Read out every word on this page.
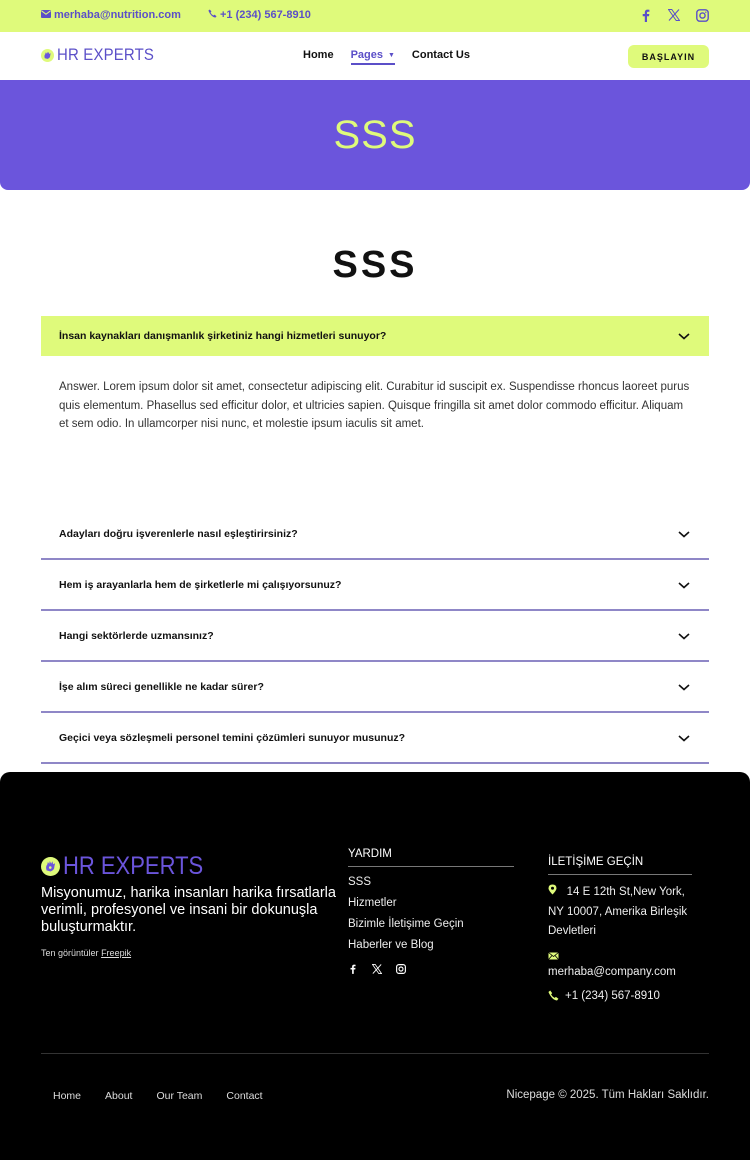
merhaba@nutrition.com	+1 (234) 567-8910
HR EXPERTS	Home Pages ▼ Contact Us	BAŞLAYIN
SSS
SSS
İnsan kaynakları danışmanlık şirketiniz hangi hizmetleri sunuyor?
Answer. Lorem ipsum dolor sit amet, consectetur adipiscing elit. Curabitur id suscipit ex. Suspendisse rhoncus laoreet purus quis elementum. Phasellus sed efficitur dolor, et ultricies sapien. Quisque fringilla sit amet dolor commodo efficitur. Aliquam et sem odio. In ullamcorper nisi nunc, et molestie ipsum iaculis sit amet.
Adayları doğru işverenlerle nasıl eşleştirirsiniz?
Hem iş arayanlarla hem de şirketlerle mi çalışıyorsunuz?
Hangi sektörlerde uzmansınız?
İşe alım süreci genellikle ne kadar sürer?
Geçici veya sözleşmeli personel temini çözümleri sunuyor musunuz?
HR EXPERTS

Misyonumuz, harika insanları harika fırsatlarla verimli, profesyonel ve insani bir dokunuşla buluşturmaktır.

Ten görüntüler Freepik
YARDIM
SSS
Hizmetler
Bizimle İletişime Geçin
Haberler ve Blog
İLETİŞİME GEÇİN
14 E 12th St,New York,
NY 10007, Amerika Birleşik
Devletleri
merhaba@company.com
+1 (234) 567-8910
Home About Our Team Contact	Nicepage © 2025. Tüm Hakları Saklıdır.
